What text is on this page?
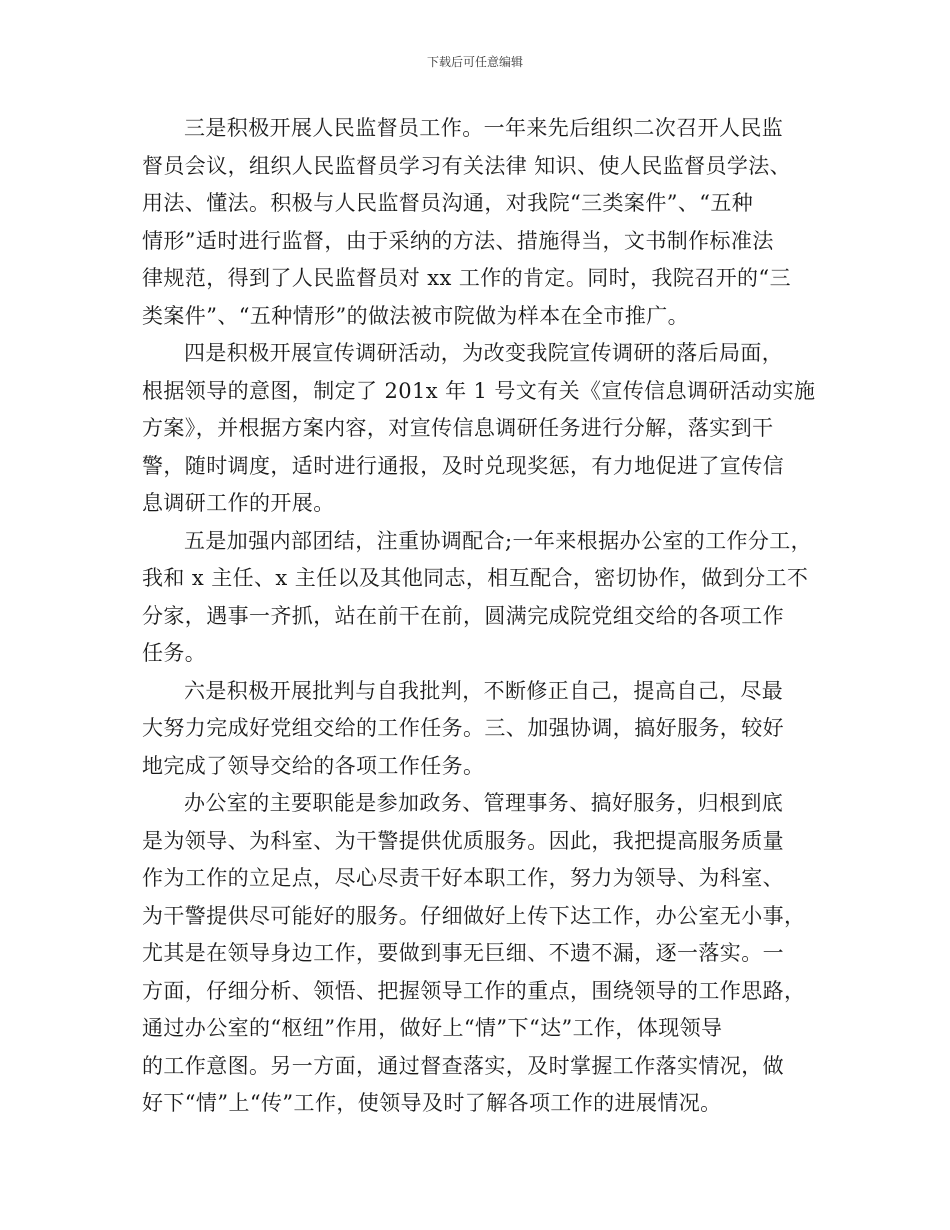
下载后可任意编辑

三是积极开展人民监督员工作。一年来先后组织二次召开人民监
督员会议，组织人民监督员学习有关法律 知识、使人民监督员学法、
用法、懂法。积极与人民监督员沟通，对我院“三类案件”、“五种
情形”适时进行监督，由于采纳的方法、措施得当，文书制作标准法
律规范，得到了人民监督员对 xx 工作的肯定。同时，我院召开的“三
类案件”、“五种情形”的做法被市院做为样本在全市推广。

四是积极开展宣传调研活动，为改变我院宣传调研的落后局面，
根据领导的意图，制定了 201x 年 1 号文有关《宣传信息调研活动实施
方案》，并根据方案内容，对宣传信息调研任务进行分解，落实到干
警，随时调度，适时进行通报，及时兑现奖惩，有力地促进了宣传信
息调研工作的开展。

五是加强内部团结，注重协调配合;一年来根据办公室的工作分工，
我和 x 主任、x 主任以及其他同志，相互配合，密切协作，做到分工不
分家，遇事一齐抓，站在前干在前，圆满完成院党组交给的各项工作
任务。

六是积极开展批判与自我批判，不断修正自己，提高自己，尽最
大努力完成好党组交给的工作任务。三、加强协调，搞好服务，较好
地完成了领导交给的各项工作任务。

办公室的主要职能是参加政务、管理事务、搞好服务，归根到底
是为领导、为科室、为干警提供优质服务。因此，我把提高服务质量
作为工作的立足点，尽心尽责干好本职工作，努力为领导、为科室、
为干警提供尽可能好的服务。仔细做好上传下达工作，办公室无小事，
尤其是在领导身边工作，要做到事无巨细、不遗不漏，逐一落实。一
方面，仔细分析、领悟、把握领导工作的重点，围绕领导的工作思路，
通过办公室的“枢纽”作用，做好上“情”下“达”工作，体现领导
的工作意图。另一方面，通过督查落实，及时掌握工作落实情况，做
好下“情”上“传”工作，使领导及时了解各项工作的进展情况。
